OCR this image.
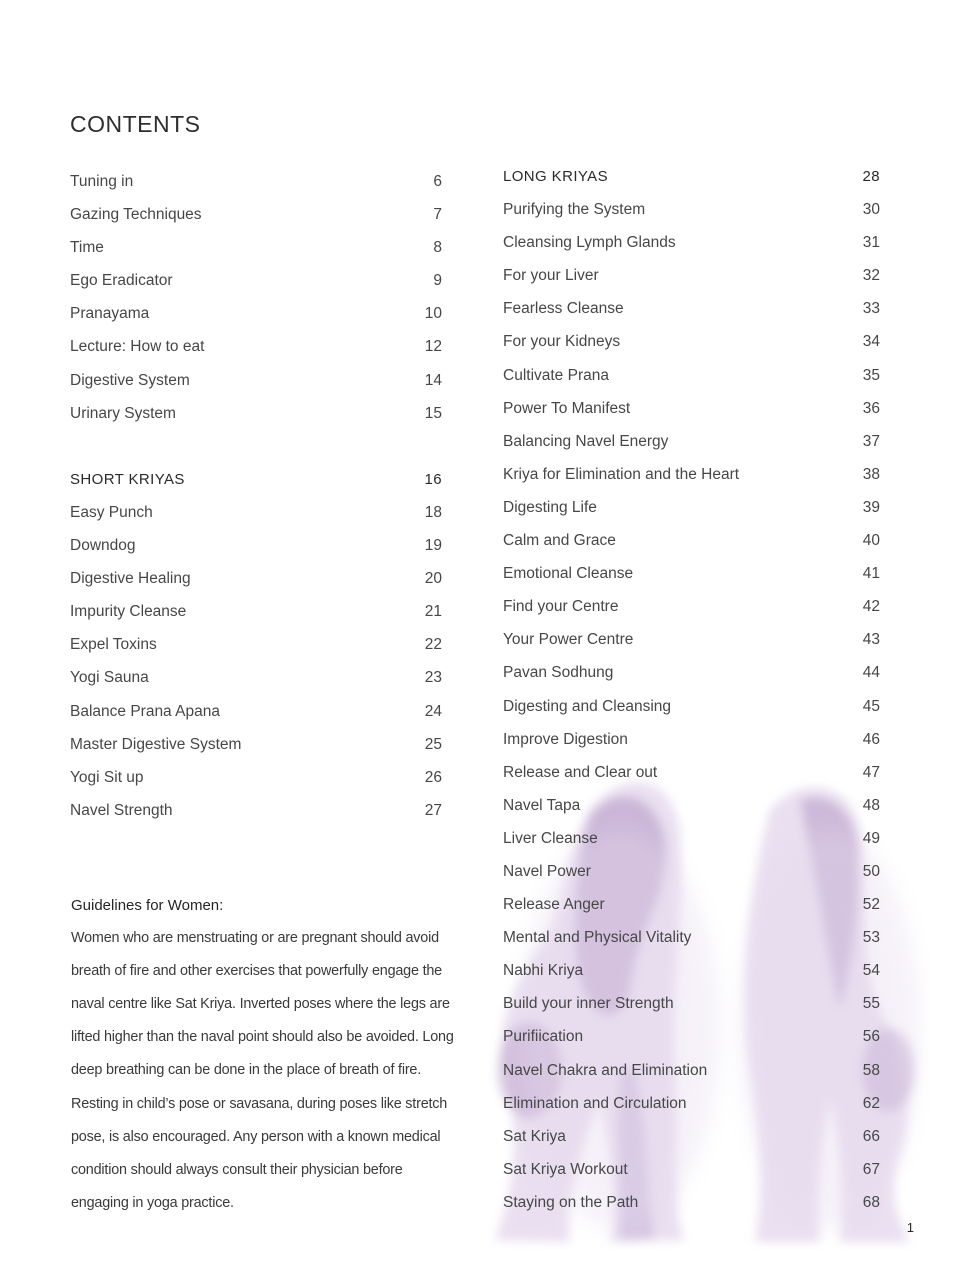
CONTENTS
Tuning in	6
Gazing Techniques	7
Time	8
Ego Eradicator	9
Pranayama	10
Lecture: How to eat	12
Digestive System	14
Urinary System	15
SHORT KRIYAS	16
Easy Punch	18
Downdog	19
Digestive Healing	20
Impurity Cleanse	21
Expel Toxins	22
Yogi Sauna	23
Balance Prana Apana	24
Master Digestive System	25
Yogi Sit up	26
Navel Strength	27
Guidelines for Women:

Women who are menstruating or are pregnant should avoid
breath of fire and other exercises that powerfully engage the
naval centre like Sat Kriya. Inverted poses where the legs are
lifted higher than the naval point should also be avoided. Long
deep breathing can be done in the place of breath of fire.
Resting in child’s pose or savasana, during poses like stretch
pose, is also encouraged. Any person with a known medical
condition should always consult their physician before
engaging in yoga practice.

LONG KRIYAS	28
Purifying the System	30
Cleansing Lymph Glands	31
For your Liver	32
Fearless Cleanse	33
For your Kidneys	34
Cultivate Prana	35
Power To Manifest	36
Balancing Navel Energy	37
Kriya for Elimination and the Heart	38
Digesting Life	39
Calm and Grace	40
Emotional Cleanse	41
Find your Centre	42
Your Power Centre	43
Pavan Sodhung	44
Digesting and Cleansing	45
Improve Digestion	46
Release and Clear out	47
Navel Tapa	48
Liver Cleanse	49
Navel Power	50
Release Anger	52
Mental and Physical Vitality	53
Nabhi Kriya	54
Build your inner Strength	55
Purifiication	56
Navel Chakra and Elimination	58
Elimination and Circulation	62
Sat Kriya	66
Sat Kriya Workout	67
Staying on the Path	68
1
